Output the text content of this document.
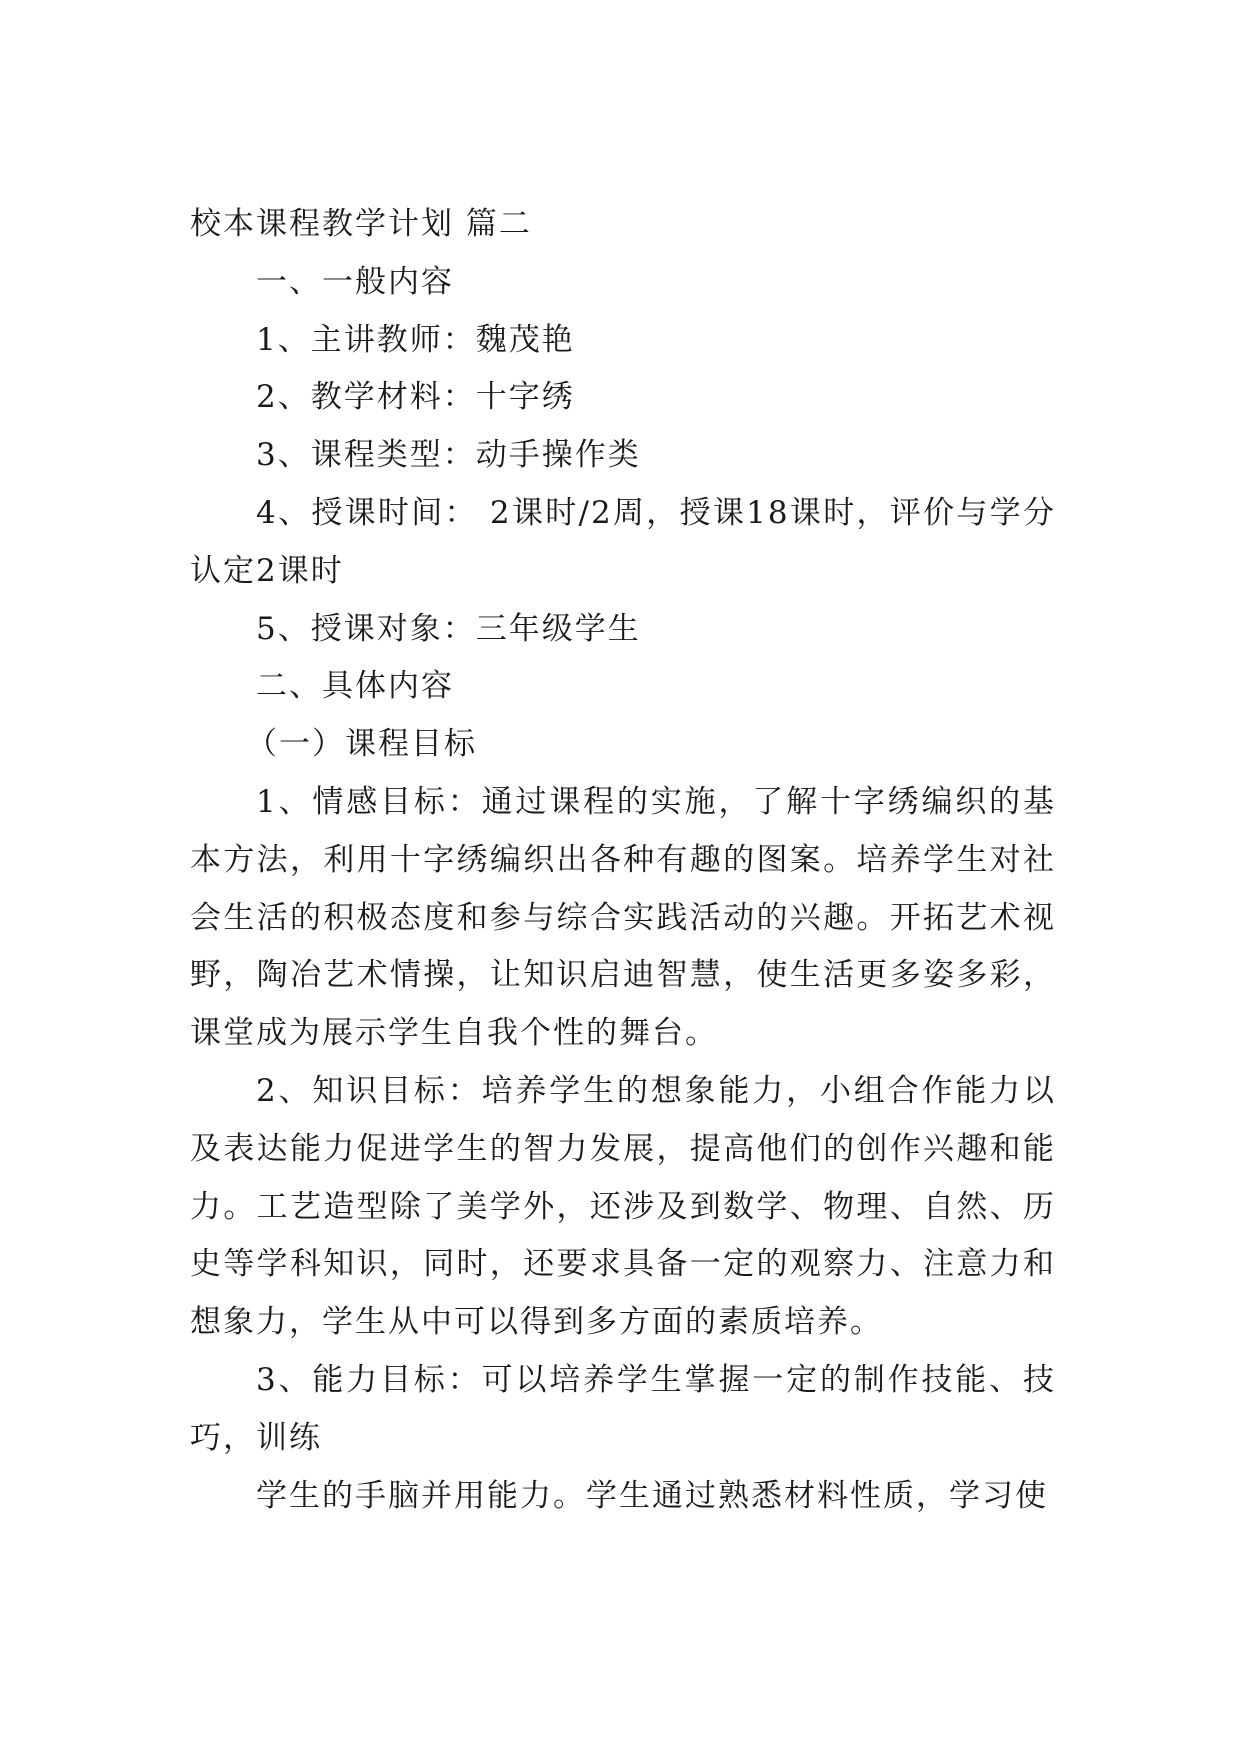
校本课程教学计划 篇二

一、一般内容

1、主讲教师：魏茂艳

2、教学材料：十字绣

3、课程类型：动手操作类

4、授课时间： 2课时/2周，授课18课时，评价与学分认定2课时

5、授课对象：三年级学生

二、具体内容

（一）课程目标

1、情感目标：通过课程的实施，了解十字绣编织的基本方法，利用十字绣编织出各种有趣的图案。培养学生对社会生活的积极态度和参与综合实践活动的兴趣。开拓艺术视野，陶冶艺术情操，让知识启迪智慧，使生活更多姿多彩，课堂成为展示学生自我个性的舞台。

2、知识目标：培养学生的想象能力，小组合作能力以及表达能力促进学生的智力发展，提高他们的创作兴趣和能力。工艺造型除了美学外，还涉及到数学、物理、自然、历史等学科知识，同时，还要求具备一定的观察力、注意力和想象力，学生从中可以得到多方面的素质培养。

3、能力目标：可以培养学生掌握一定的制作技能、技巧，训练

学生的手脑并用能力。学生通过熟悉材料性质，学习使
